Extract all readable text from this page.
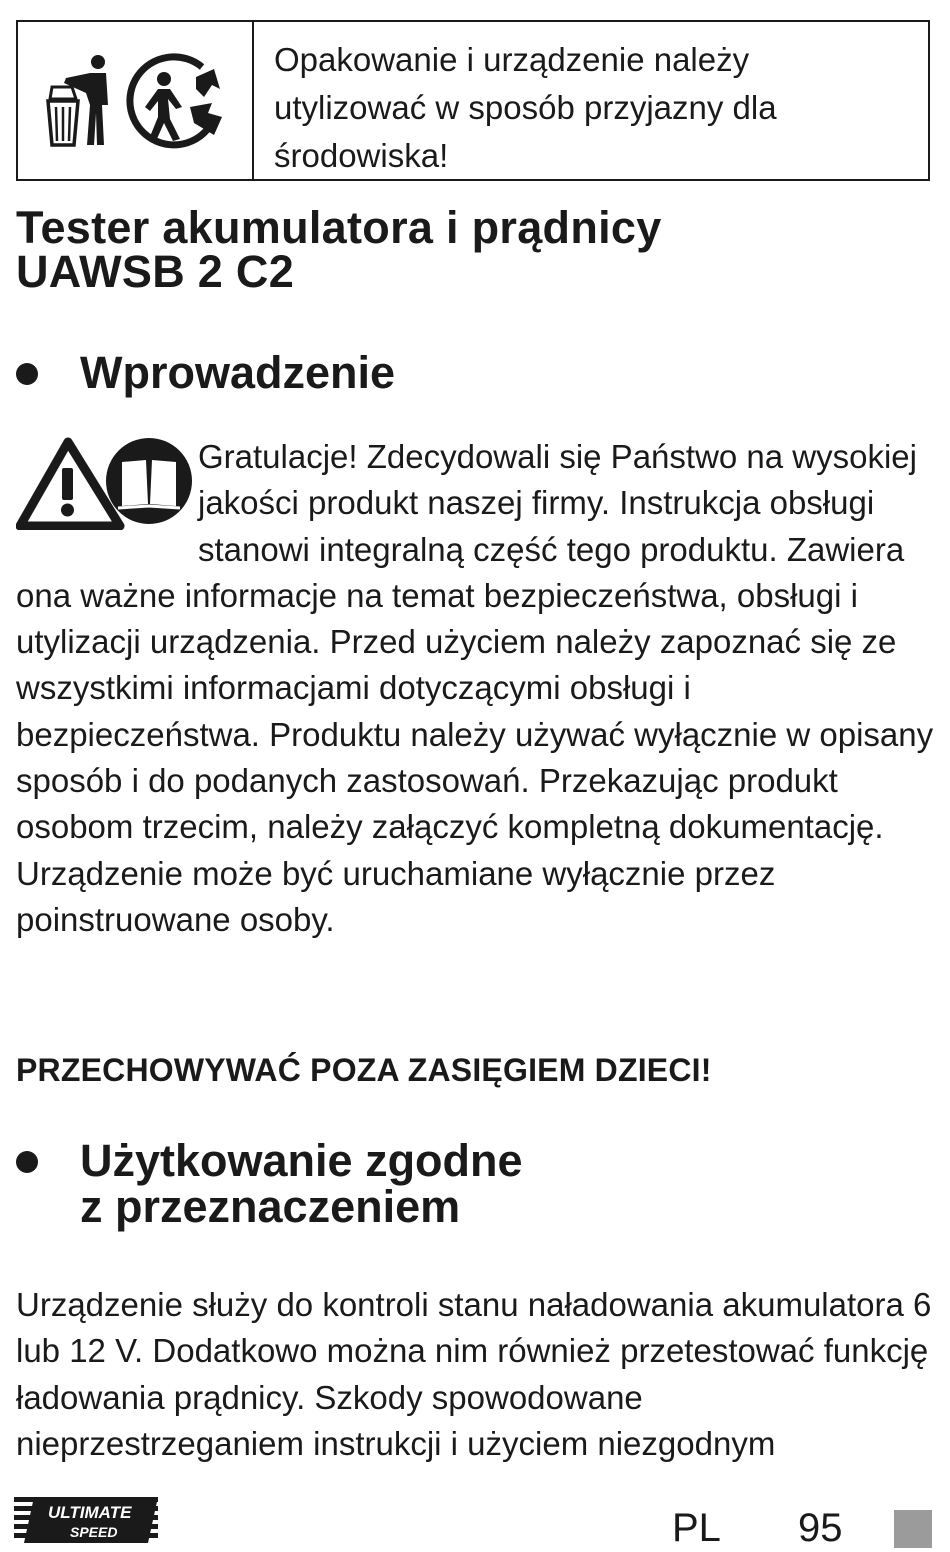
Opakowanie i urządzenie należy
utylizować w sposób przyjazny dla
środowiska!
Tester akumulatora i prądnicy
UAWSB 2 C2
Wprowadzenie
Gratulacje! Zdecydowali się Państwo na wysokiej jakości produkt naszej firmy. Instrukcja obsługi stanowi integralną część tego produktu. Zawiera ona ważne informacje na temat bezpieczeństwa, obsługi i utylizacji urządzenia. Przed użyciem należy zapoznać się ze wszystkimi informacjami dotyczącymi obsługi i bezpieczeństwa. Produktu należy używać wyłącznie w opisany sposób i do podanych zastosowań. Przekazując produkt osobom trzecim, należy załączyć kompletną dokumentację. Urządzenie może być uruchamiane wyłącznie przez poinstruowane osoby.

PRZECHOWYWAĆ POZA ZASIĘGIEM DZIECI!

Użytkowanie zgodne
z przeznaczeniem
Urządzenie służy do kontroli stanu naładowania akumulatora 6 lub 12 V. Dodatkowo można nim również przetestować funkcję ładowania prądnicy. Szkody spowodowane nieprzestrzeganiem instrukcji i użyciem niezgodnym
ULTIMATE
SPEED	PL 95
